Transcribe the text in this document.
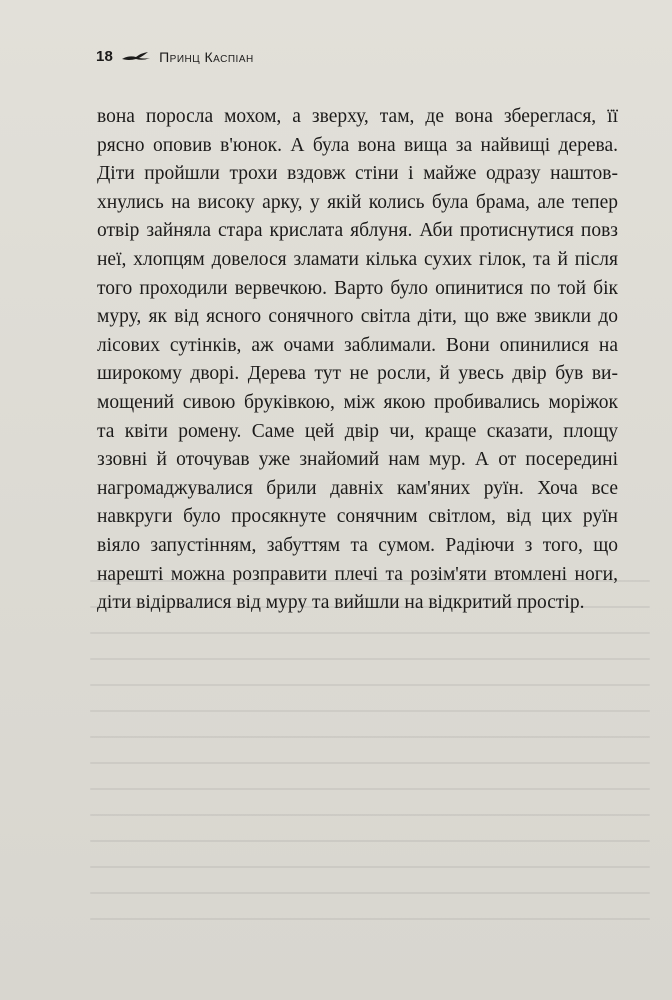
18	Принц Каспіан
вона поросла мохом, а зверху, там, де вона збереглася, її
рясно оповив в'юнок. А була вона вища за найвищі дерева.
Діти пройшли трохи вздовж стіни і майже одразу наштов-
хнулись на високу арку, у якій колись була брама, але тепер
отвір зайняла стара крислата яблуня. Аби протиснутися повз
неї, хлопцям довелося зламати кілька сухих гілок, та й після
того проходили вервечкою. Варто було опинитися по той бік
муру, як від ясного сонячного світла діти, що вже звикли до
лісових сутінків, аж очами заблимали. Вони опинилися на
широкому дворі. Дерева тут не росли, й увесь двір був ви-
мощений сивою бруківкою, між якою пробивались моріжок
та квіти ромену. Саме цей двір чи, краще сказати, площу
ззовні й оточував уже знайомий нам мур. А от посередині
нагромаджувалися брили давніх кам'яних руїн. Хоча все
навкруги було просякнуте сонячним світлом, від цих руїн
віяло запустінням, забуттям та сумом. Радіючи з того, що
нарешті можна розправити плечі та розім'яти втомлені ноги,
діти відірвалися від муру та вийшли на відкритий простір.
